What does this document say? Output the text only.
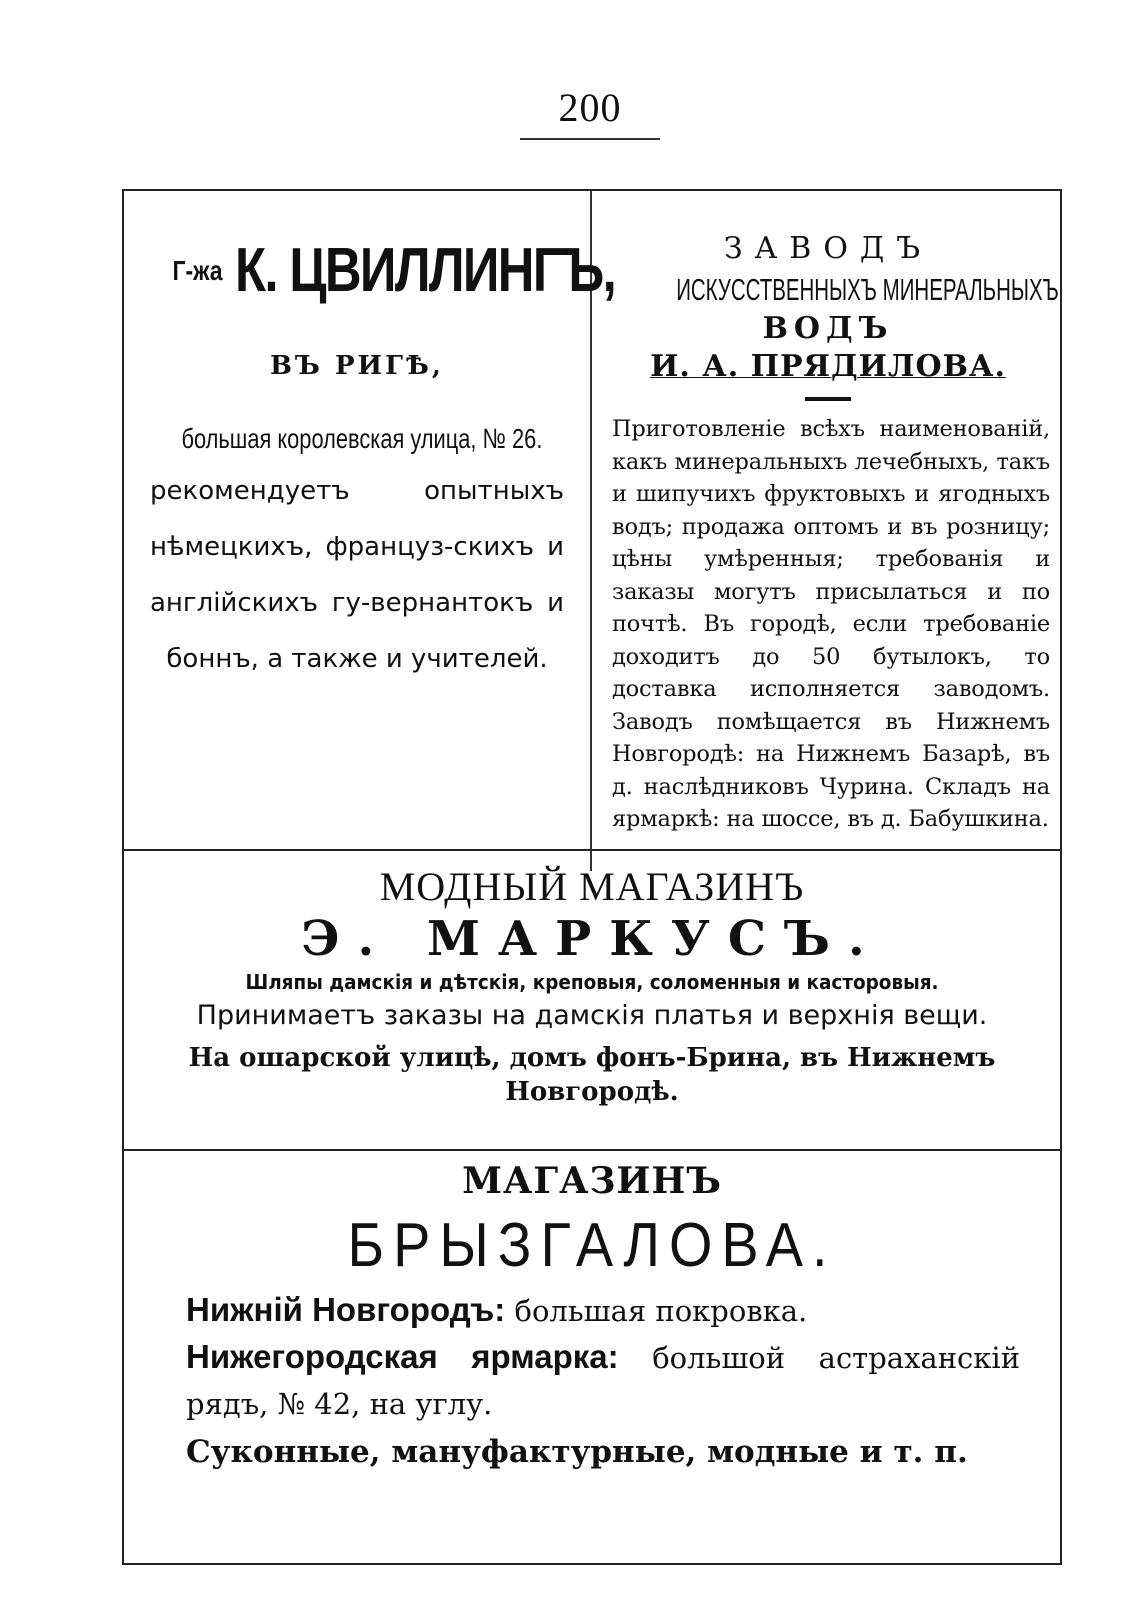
200
$^{Г-жа}$ К. ЦВИЛЛИНГЪ,
ВЪ РИГѢ,
большая королевская улица, № 26.
рекомендуетъ опытныхъ нѣмецкихъ, француз-скихъ и англійскихъ гу-вернантокъ и боннъ, а также и учителей.
ЗАВОДЪ
ИСКУССТВЕННЫХЪ МИНЕРАЛЬНЫХЪ
ВОДЪ
И. А. ПРЯДИЛОВА.
Приготовленіе всѣхъ наименованій, какъ минеральныхъ лечебныхъ, такъ и шипучихъ фруктовыхъ и ягодныхъ водъ; продажа оптомъ и въ розницу; цѣны умѣренныя; требованія и заказы могутъ присылаться и по почтѣ. Въ городѣ, если требованіе доходитъ до 50 бутылокъ, то доставка исполняется заводомъ. Заводъ помѣщается въ Нижнемъ Новгородѣ: на Нижнемъ Базарѣ, въ д. наслѣдниковъ Чурина. Складъ на ярмаркѣ: на шоссе, въ д. Бабушкина.
МОДНЫЙ МАГАЗИНЪ
Э. МАРКУСЪ.
Шляпы дамскія и дѣтскія, креповыя, соломенныя и касторовыя.
Принимаетъ заказы на дамскія платья и верхнія вещи.
На ошарской улицѣ, домъ фонъ-Брина, въ Нижнемъ Новгородѣ.
МАГАЗИНЪ
БРЫЗГАЛОВА.
Нижній Новгородъ: большая покровка.
Нижегородская ярмарка: большой астраханскій рядъ, № 42, на углу.
Суконные, мануфактурные, модные и т. п.
